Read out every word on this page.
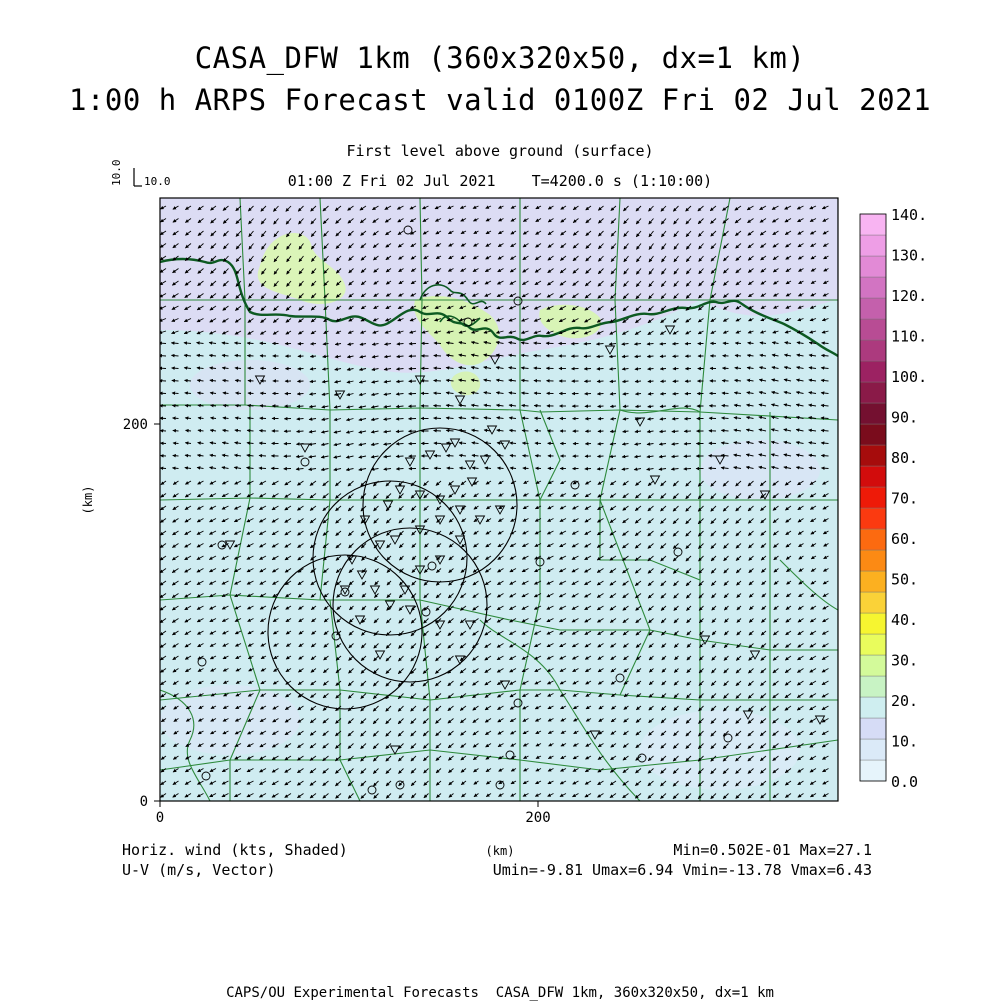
CASA_DFW 1km (360x320x50, dx=1 km)
1:00 h ARPS Forecast valid 0100Z Fri 02 Jul 2021
First level above ground (surface)
01:00 Z Fri 02 Jul 2021    T=4200.0 s (1:10:00)
0	200
0
200
(km)
(km)
10.0 10.0
0.0
10.
20.
30.
40.
50.
60.
70.
80.
90.
100.
110.
120.
130.
140.
Horiz. wind (kts, Shaded)
U-V (m/s, Vector)
Min=0.502E-01 Max=27.1
Umin=-9.81 Umax=6.94 Vmin=-13.78 Vmax=6.43
CAPS/OU Experimental Forecasts  CASA_DFW 1km, 360x320x50, dx=1 km
